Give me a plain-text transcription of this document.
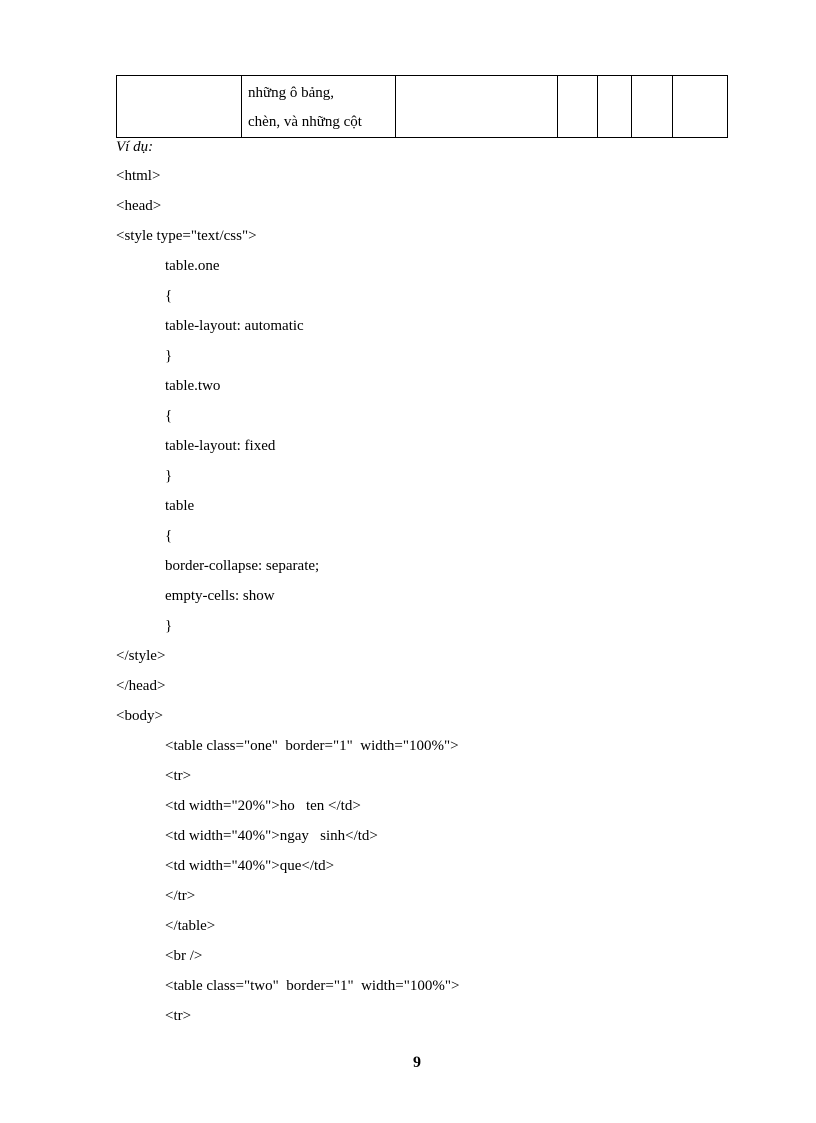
những ô bảng,
chèn, và những cột

Ví dụ:
<html>
<head>
<style type="text/css">
table.one
{
table-layout: automatic
}
table.two
{
table-layout: fixed
}
table
{
border-collapse: separate;
empty-cells: show
}
</style>
</head>
<body>
<table class="one"  border="1"  width="100%">
<tr>
<td width="20%">ho   ten </td>
<td width="40%">ngay   sinh</td>
<td width="40%">que</td>
</tr>
</table>
<br />
<table class="two"  border="1"  width="100%">
<tr>
9
